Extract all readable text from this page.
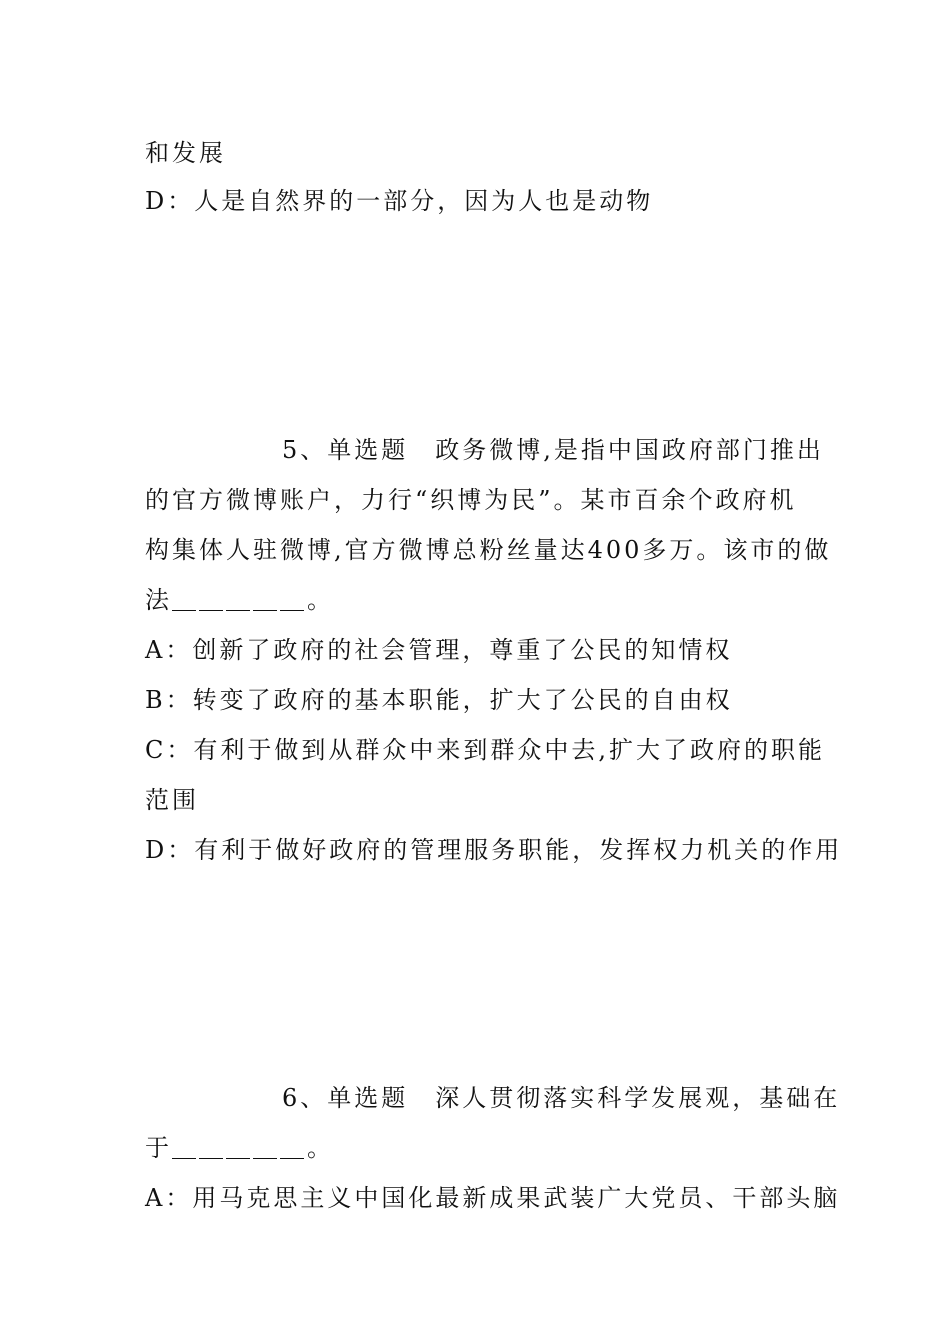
和发展
D：人是自然界的一部分，因为人也是动物
5、单选题　政务微博,是指中国政府部门推出
的官方微博账户，力行“织博为民”。某市百余个政府机
构集体人驻微博,官方微博总粉丝量达400多万。该市的做
法＿＿＿＿＿。
A：创新了政府的社会管理，尊重了公民的知情权
B：转变了政府的基本职能，扩大了公民的自由权
C：有利于做到从群众中来到群众中去,扩大了政府的职能
范围
D：有利于做好政府的管理服务职能，发挥权力机关的作用
6、单选题　深人贯彻落实科学发展观，基础在
于＿＿＿＿＿。
A：用马克思主义中国化最新成果武装广大党员、干部头脑
